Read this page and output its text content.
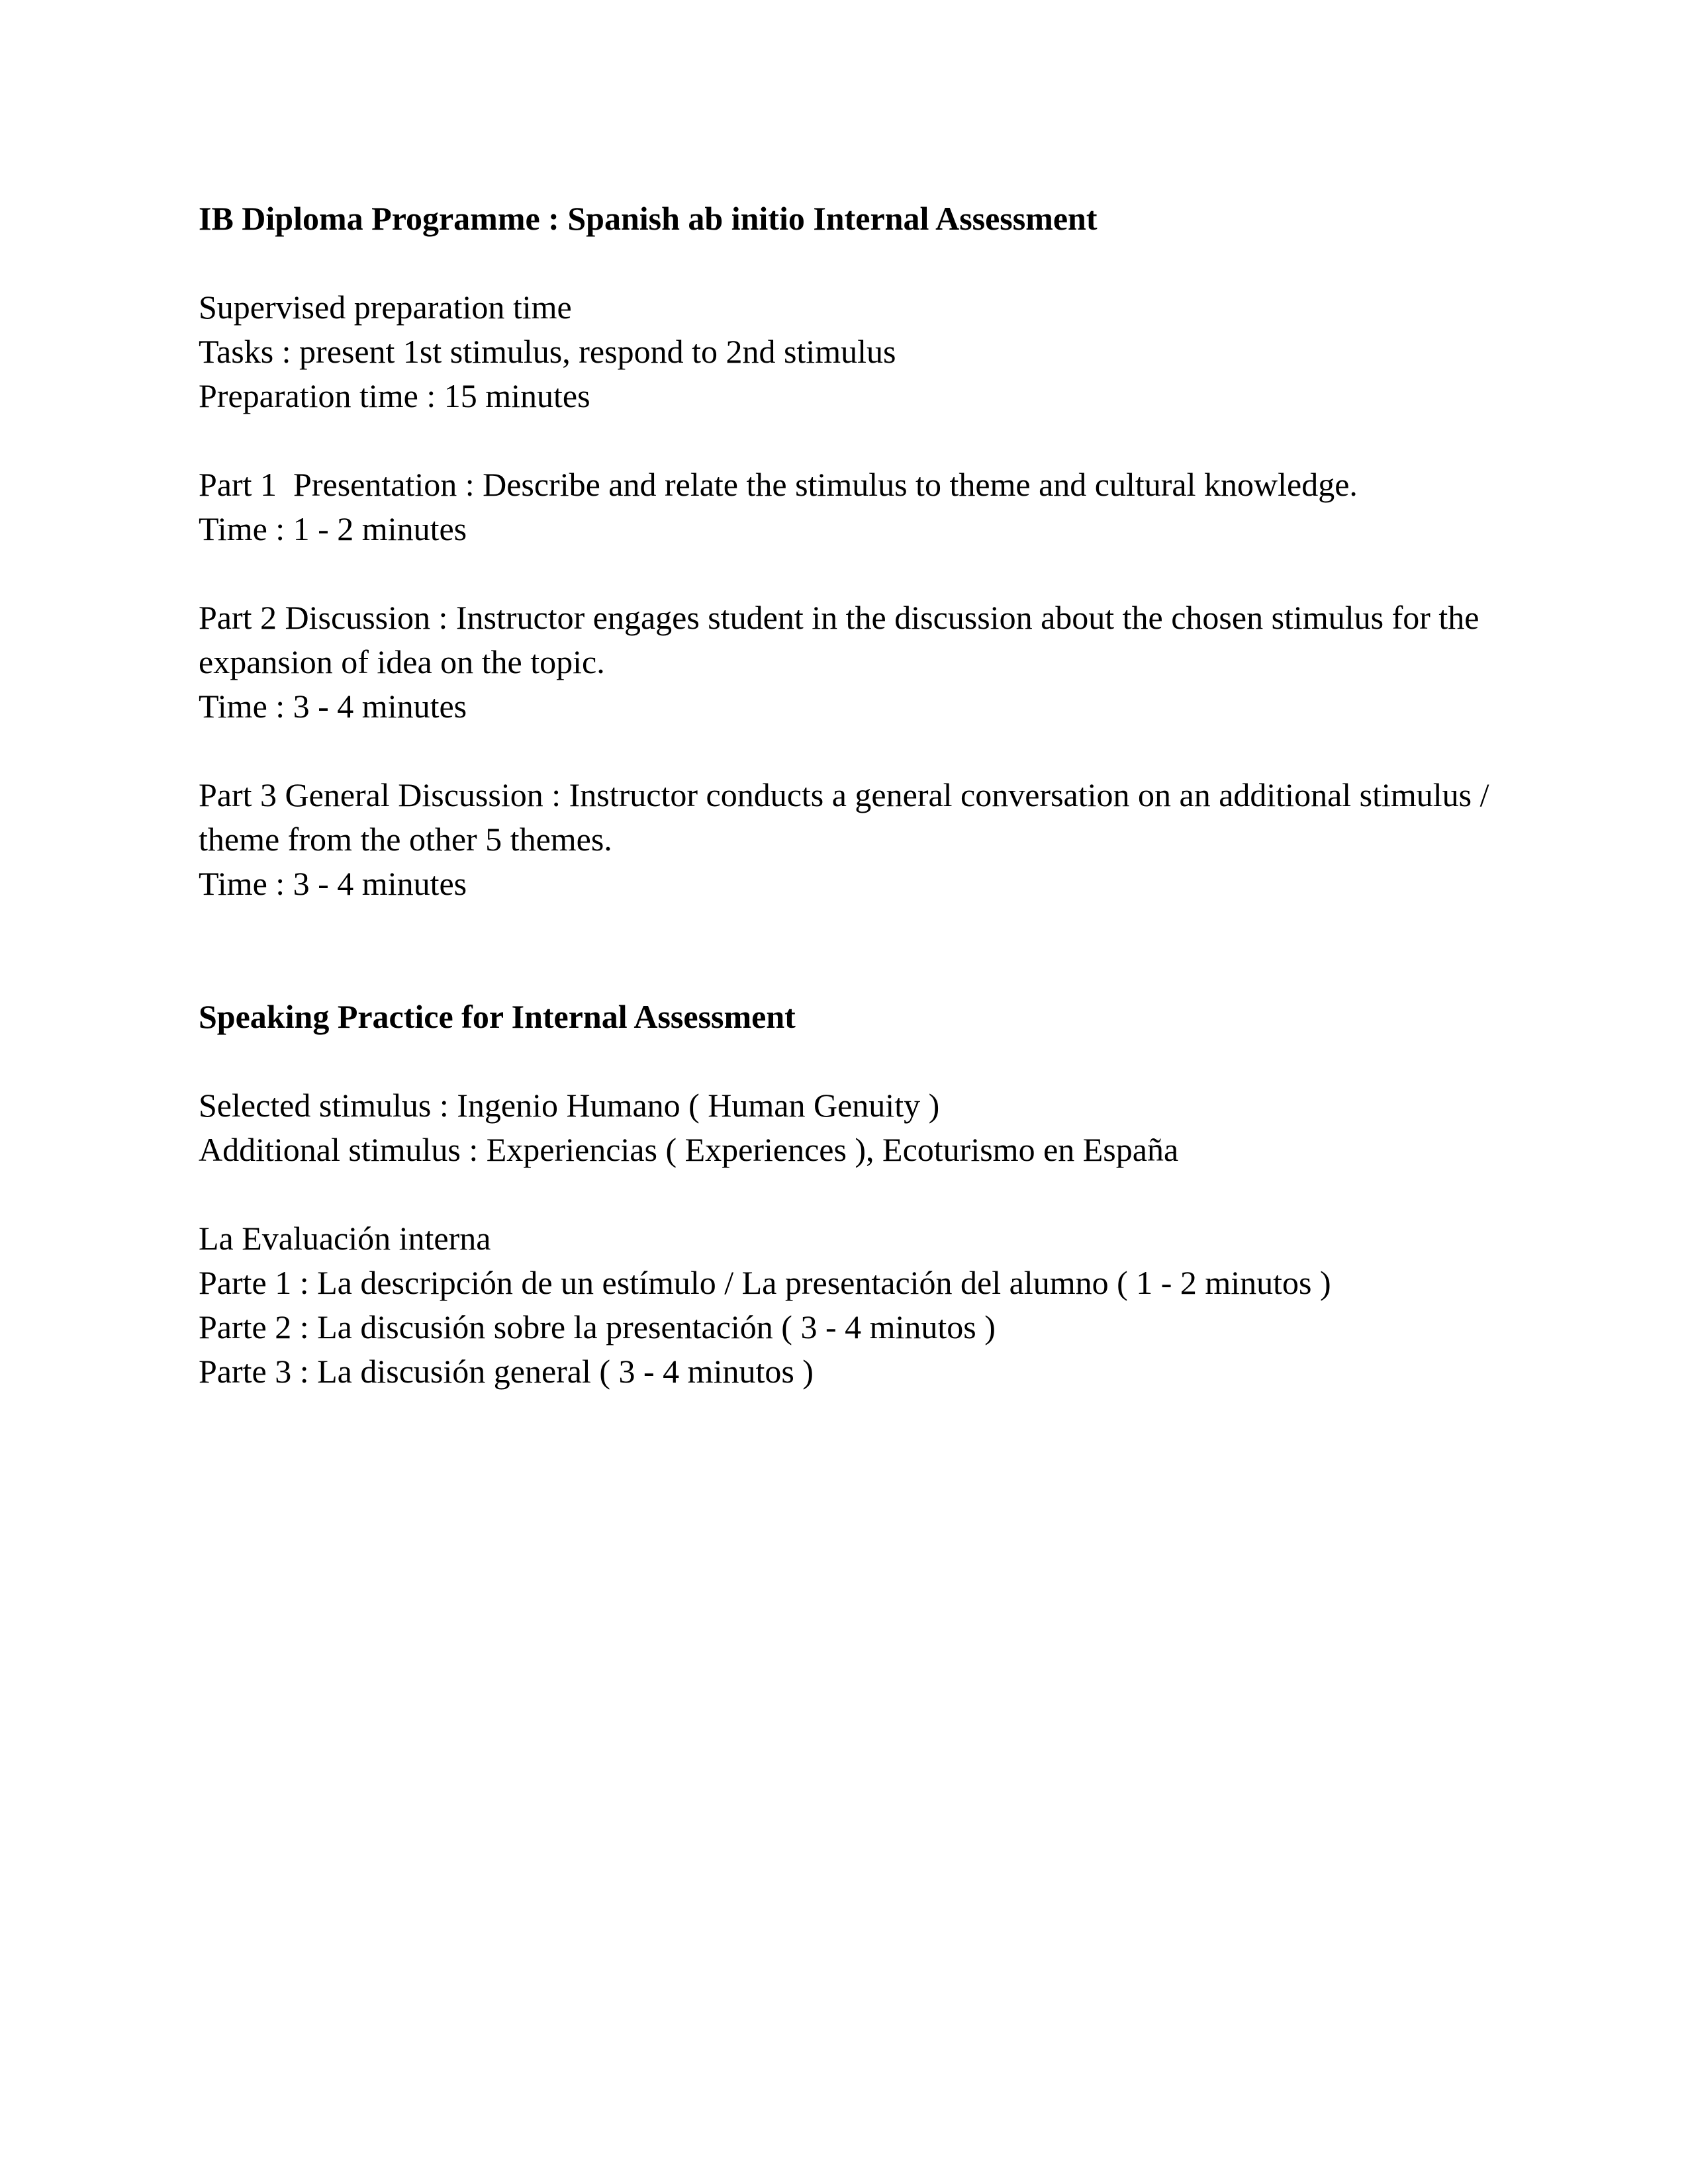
IB Diploma Programme : Spanish ab initio Internal Assessment
Supervised preparation time
Tasks : present 1st stimulus, respond to 2nd stimulus
Preparation time : 15 minutes
Part 1  Presentation : Describe and relate the stimulus to theme and cultural knowledge.
Time : 1 - 2 minutes
Part 2 Discussion : Instructor engages student in the discussion about the chosen stimulus for the
expansion of idea on the topic.
Time : 3 - 4 minutes
Part 3 General Discussion : Instructor conducts a general conversation on an additional stimulus /
theme from the other 5 themes.
Time : 3 - 4 minutes
Speaking Practice for Internal Assessment
Selected stimulus : Ingenio Humano ( Human Genuity )
Additional stimulus : Experiencias ( Experiences ), Ecoturismo en España
La Evaluación interna
Parte 1 : La descripción de un estímulo / La presentación del alumno ( 1 - 2 minutos )
Parte 2 : La discusión sobre la presentación ( 3 - 4 minutos )
Parte 3 : La discusión general ( 3 - 4 minutos )
